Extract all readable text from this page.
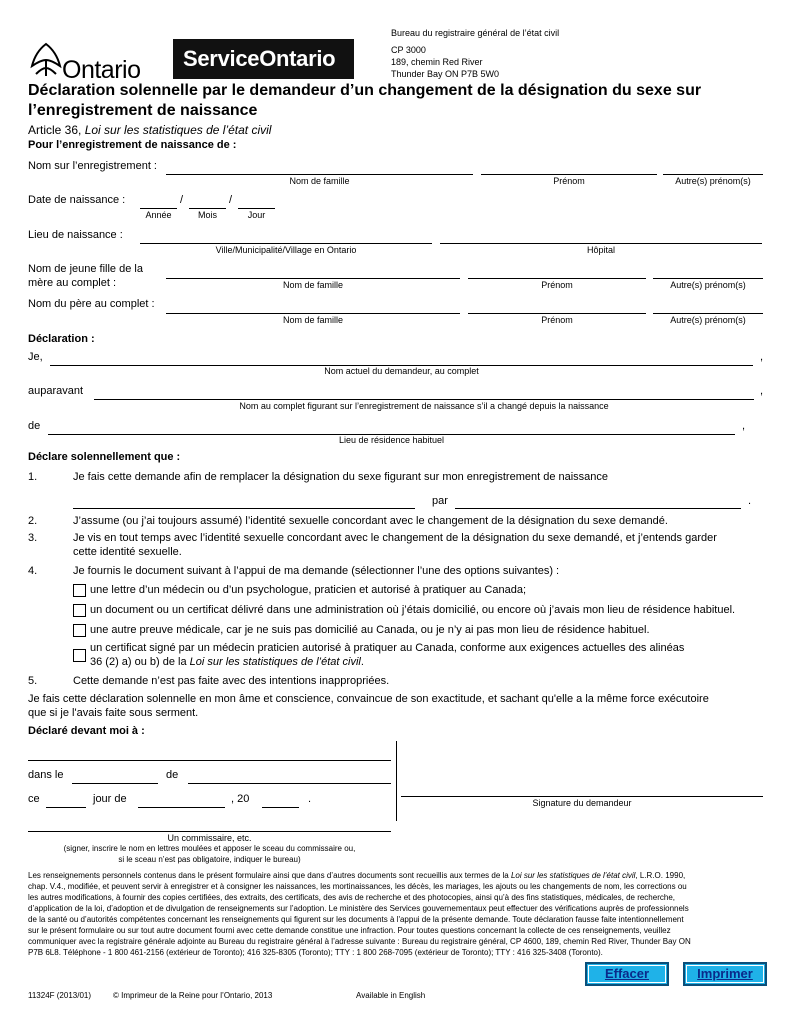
Ontario ServiceOntario
Bureau du registraire général de l’état civil
CP 3000
189, chemin Red River
Thunder Bay ON P7B 5W0
Déclaration solennelle par le demandeur d’un changement de la désignation du sexe sur
l’enregistrement de naissance
Article 36, Loi sur les statistiques de l’état civil
Pour l’enregistrement de naissance de :
Nom sur l’enregistrement :
Nom de famille	Prénom	Autre(s) prénom(s)
Date de naissance :	/	/
Année	Mois	Jour
Lieu de naissance :
Ville/Municipalité/Village en Ontario	Hôpital
Nom de jeune fille de la
mère au complet :	Nom de famille	Prénom	Autre(s) prénom(s)
Nom du père au complet :
Nom de famille	Prénom	Autre(s) prénom(s)
Déclaration :
Je,	,
Nom actuel du demandeur, au complet
auparavant	,
Nom au complet figurant sur l’enregistrement de naissance s’il a changé depuis la naissance
de	,
Lieu de résidence habituel
Déclare solennellement que :
1.	Je fais cette demande afin de remplacer la désignation du sexe figurant sur mon enregistrement de naissance
par	.
2.	J’assume (ou j’ai toujours assumé) l’identité sexuelle concordant avec le changement de la désignation du sexe demandé.
3.	Je vis en tout temps avec l’identité sexuelle concordant avec le changement de la désignation du sexe demandé, et j’entends garder
cette identité sexuelle.
4.	Je fournis le document suivant à l’appui de ma demande (sélectionner l’une des options suivantes) :
une lettre d’un médecin ou d’un psychologue, praticien et autorisé à pratiquer au Canada;
un document ou un certificat délivré dans une administration où j’étais domicilié, ou encore où j’avais mon lieu de résidence habituel.
une autre preuve médicale, car je ne suis pas domicilié au Canada, ou je n’y ai pas mon lieu de résidence habituel.
un certificat signé par un médecin praticien autorisé à pratiquer au Canada, conforme aux exigences actuelles des alinéas
36 (2) a) ou b) de la Loi sur les statistiques de l’état civil.
5.	Cette demande n’est pas faite avec des intentions inappropriées.
Je fais cette déclaration solennelle en mon âme et conscience, convaincue de son exactitude, et sachant qu'elle a la même force exécutoire
que si je l'avais faite sous serment.
Déclaré devant moi à :
dans le	de
ce	jour de	, 20	.	Signature du demandeur
Un commissaire, etc.
(signer, inscrire le nom en lettres moulées et apposer le sceau du commissaire ou,
si le sceau n’est pas obligatoire, indiquer le bureau)
Les renseignements personnels contenus dans le présent formulaire ainsi que dans d’autres documents sont recueillis aux termes de la Loi sur les statistiques de l’état civil, L.R.O. 1990,
chap. V.4., modifiée, et peuvent servir à enregistrer et à consigner les naissances, les mortinaissances, les décès, les mariages, les ajouts ou les changements de nom, les corrections ou
les autres modifications, à fournir des copies certifiées, des extraits, des certificats, des avis de recherche et des photocopies, ainsi qu’à des fins statistiques, médicales, de recherche,
d’application de la loi, d’adoption et de divulgation de renseignements sur l’adoption. Le ministère des Services gouvernementaux peut effectuer des vérifications auprès de professionnels
de la santé ou d’autorités compétentes concernant les renseignements qui figurent sur les documents à l'appui de la présente demande. Toute déclaration fausse faite intentionnellement
sur le présent formulaire ou sur tout autre document fourni avec cette demande constitue une infraction. Pour toutes questions concernant la collecte de ces renseignements, veuillez
communiquer avec la registraire générale adjointe au Bureau du registraire général à l’adresse suivante : Bureau du registraire général, CP 4600, 189, chemin Red River, Thunder Bay ON
P7B 6L8. Téléphone - 1 800 461-2156 (extérieur de Toronto); 416 325-8305 (Toronto); TTY : 1 800 268-7095 (extérieur de Toronto); TTY : 416 325-3408 (Toronto).
Effacer	Imprimer
11324F (2013/01)	© Imprimeur de la Reine pour l’Ontario, 2013	Available in English
